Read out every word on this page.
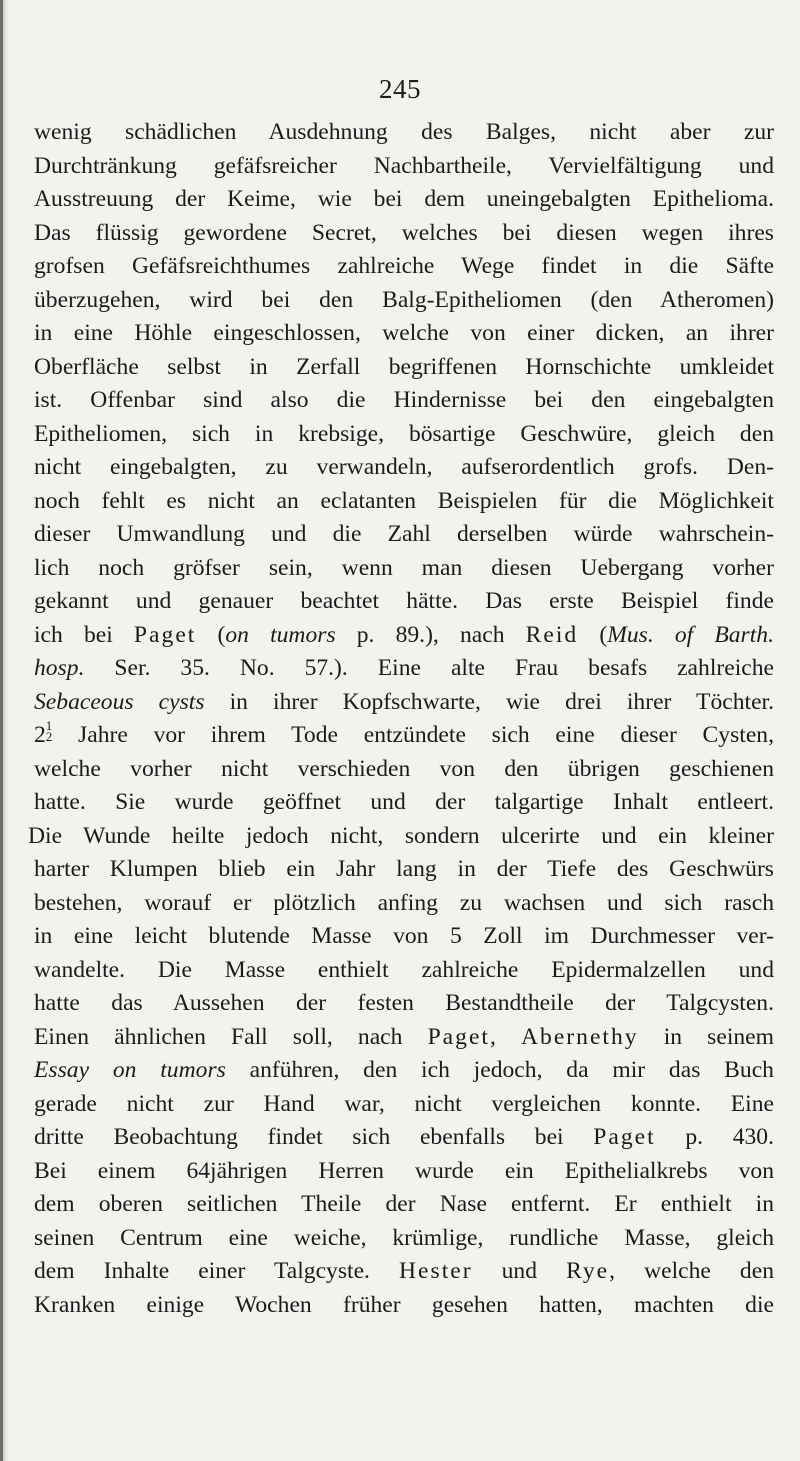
245
wenig schädlichen Ausdehnung des Balges, nicht aber zur
Durchtränkung gefäfsreicher Nachbartheile, Vervielfältigung und
Ausstreuung der Keime, wie bei dem uneingebalgten Epithelioma.
Das flüssig gewordene Secret, welches bei diesen wegen ihres
grofsen Gefäfsreichthumes zahlreiche Wege findet in die Säfte
überzugehen, wird bei den Balg-Epitheliomen (den Atheromen)
in eine Höhle eingeschlossen, welche von einer dicken, an ihrer
Oberfläche selbst in Zerfall begriffenen Hornschichte umkleidet
ist. Offenbar sind also die Hindernisse bei den eingebalgten
Epitheliomen, sich in krebsige, bösartige Geschwüre, gleich den
nicht eingebalgten, zu verwandeln, aufserordentlich grofs. Den-
noch fehlt es nicht an eclatanten Beispielen für die Möglichkeit
dieser Umwandlung und die Zahl derselben würde wahrschein-
lich noch gröfser sein, wenn man diesen Uebergang vorher
gekannt und genauer beachtet hätte. Das erste Beispiel finde
ich bei Paget (on tumors p. 89.), nach Reid (Mus. of Barth.
hosp. Ser. 35. No. 57.). Eine alte Frau besafs zahlreiche
Sebaceous cysts in ihrer Kopfschwarte, wie drei ihrer Töchter.
2 1
2 Jahre vor ihrem Tode entzündete sich eine dieser Cysten,
welche vorher nicht verschieden von den übrigen geschienen
hatte. Sie wurde geöffnet und der talgartige Inhalt entleert.
Die Wunde heilte jedoch nicht, sondern ulcerirte und ein kleiner
harter Klumpen blieb ein Jahr lang in der Tiefe des Geschwürs
bestehen, worauf er plötzlich anfing zu wachsen und sich rasch
in eine leicht blutende Masse von 5 Zoll im Durchmesser ver-
wandelte. Die Masse enthielt zahlreiche Epidermalzellen und
hatte das Aussehen der festen Bestandtheile der Talgcysten.
Einen ähnlichen Fall soll, nach Paget, Abernethy in seinem
Essay on tumors anführen, den ich jedoch, da mir das Buch
gerade nicht zur Hand war, nicht vergleichen konnte. Eine
dritte Beobachtung findet sich ebenfalls bei Paget p. 430.
Bei einem 64jährigen Herren wurde ein Epithelialkrebs von
dem oberen seitlichen Theile der Nase entfernt. Er enthielt in
seinen Centrum eine weiche, krümlige, rundliche Masse, gleich
dem Inhalte einer Talgcyste. Hester und Rye, welche den
Kranken einige Wochen früher gesehen hatten, machten die
